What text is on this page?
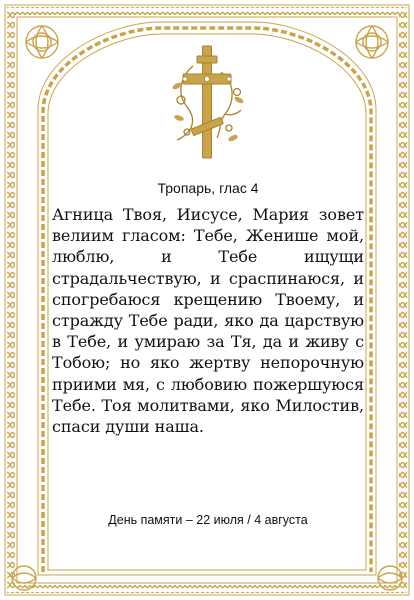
Тропарь, глас 4

Агница Твоя, Иисусе, Мария зовет велиим гласом: Тебе, Женише мой, люблю, и Тебе ищущи страдальчествую, и сраспинаюся, и спогребаюся крещению Твоему, и стражду Тебе ради, яко да царствую в Тебе, и умираю за Тя, да и живу с Тобою; но яко жертву непорочную приими мя, с любовию пожершуюся Тебе. Тоя молитвами, яко Милостив, спаси души наша.

День памяти – 22 июля / 4 августа
